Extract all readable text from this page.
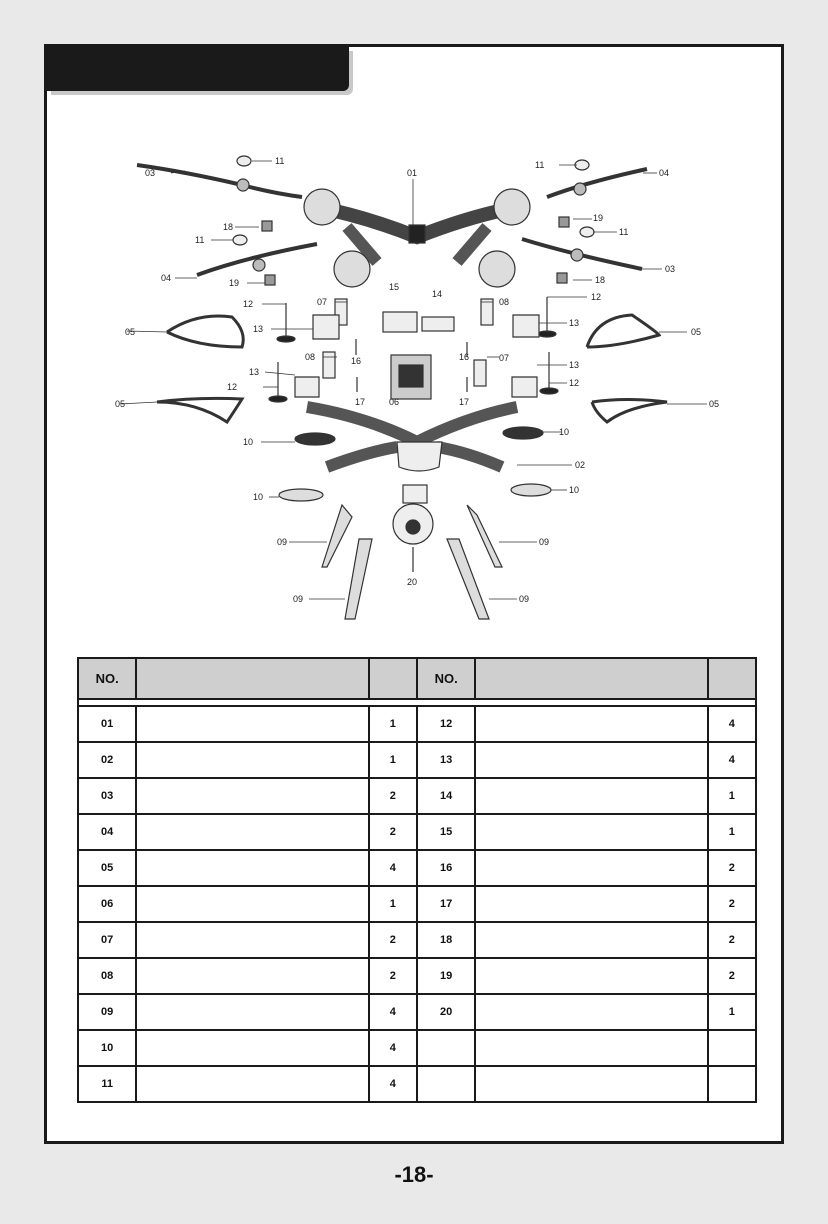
03
11
01
11
04
18
11
19
11
04	19	18
03
12	07
15
14
08	12
05	13
13
05
08	16	16	07
13
13
12	12
17	06	17
05	05
10
10
02
10
10
09	09
20
09	09
NO.			NO.		

01		1	12		4
02		1	13		4
03		2	14		1
04		2	15		1
05		4	16		2
06		1	17		2
07		2	18		2
08		2	19		2
09		4	20		1
10		4			
11		4			
-18-
